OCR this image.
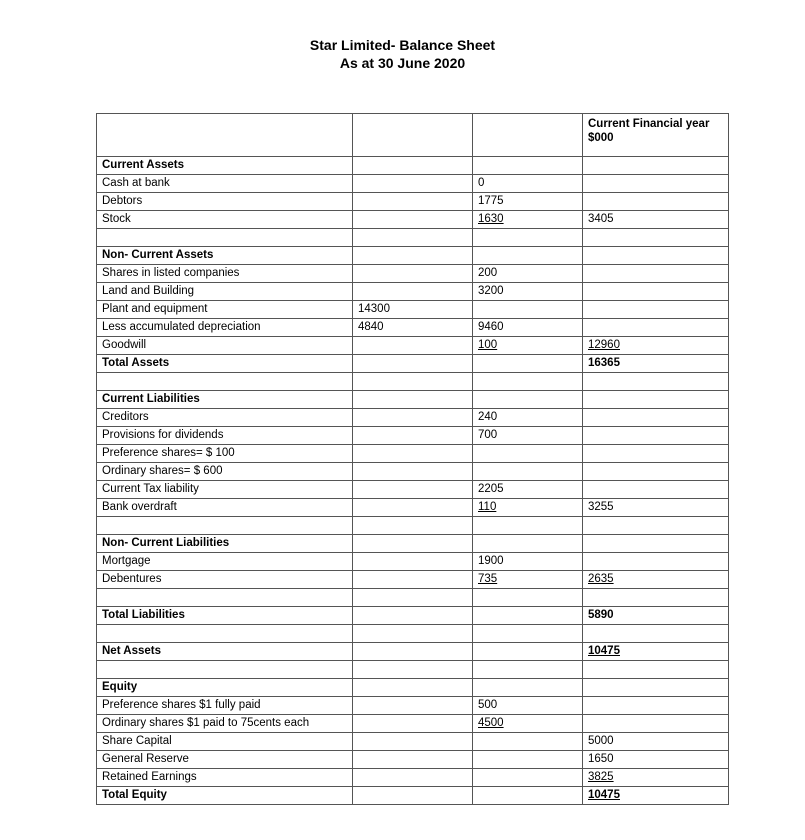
Star Limited- Balance Sheet
As at 30 June 2020
			Current Financial year
$000
Current Assets			
Cash at bank		0	
Debtors		1775	
Stock		1630	3405

Non- Current Assets			
Shares in listed companies		200	
Land and Building		3200	
Plant and equipment	14300		
Less accumulated depreciation	4840	9460	
Goodwill		100	12960
Total Assets			16365

Current Liabilities			
Creditors		240	
Provisions for dividends		700	
Preference shares= $ 100			
Ordinary shares= $ 600			
Current Tax liability		2205	
Bank overdraft		110	3255

Non- Current Liabilities			
Mortgage		1900	
Debentures		735	2635

Total Liabilities			5890

Net Assets			10475

Equity			
Preference shares $1 fully paid		500	
Ordinary shares $1 paid to 75cents each		4500	
Share Capital			5000
General Reserve			1650
Retained Earnings			3825
Total Equity			10475
